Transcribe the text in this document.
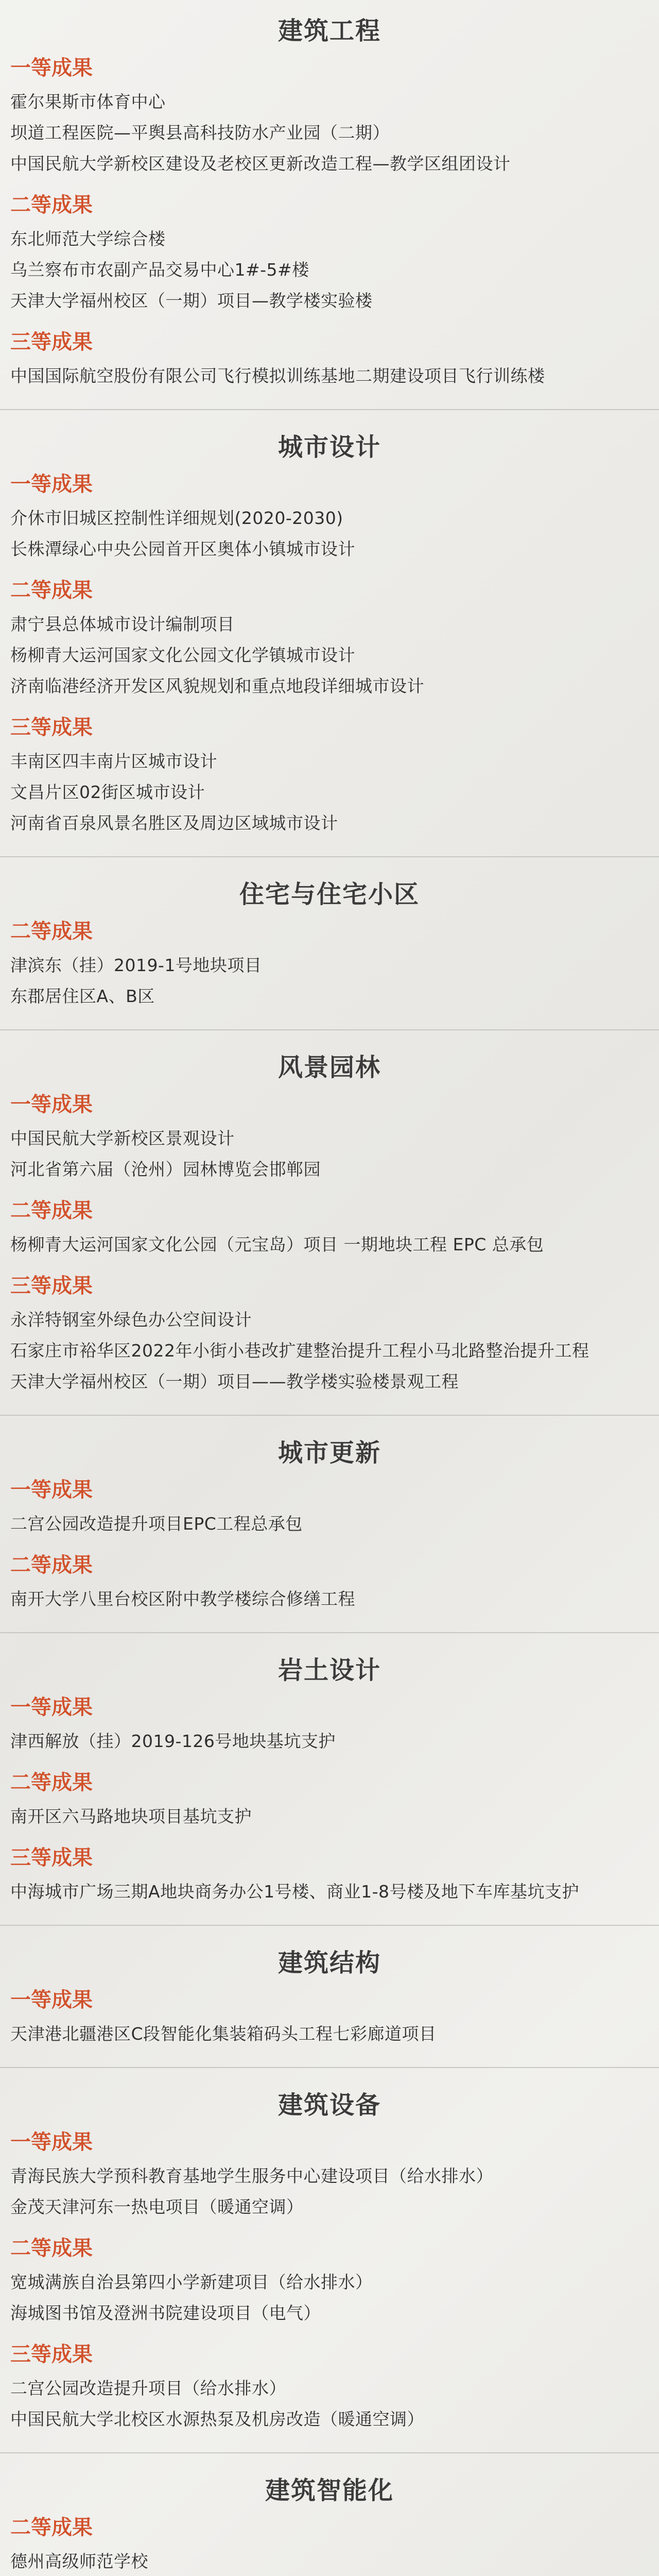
建筑工程
一等成果
霍尔果斯市体育中心
坝道工程医院—平舆县高科技防水产业园（二期）
中国民航大学新校区建设及老校区更新改造工程—教学区组团设计
二等成果
东北师范大学综合楼
乌兰察布市农副产品交易中心1#-5#楼
天津大学福州校区（一期）项目—教学楼实验楼
三等成果
中国国际航空股份有限公司飞行模拟训练基地二期建设项目飞行训练楼
城市设计
一等成果
介休市旧城区控制性详细规划(2020-2030)
长株潭绿心中央公园首开区奥体小镇城市设计
二等成果
肃宁县总体城市设计编制项目
杨柳青大运河国家文化公园文化学镇城市设计
济南临港经济开发区风貌规划和重点地段详细城市设计
三等成果
丰南区四丰南片区城市设计
文昌片区02街区城市设计
河南省百泉风景名胜区及周边区域城市设计
住宅与住宅小区
二等成果
津滨东（挂）2019-1号地块项目
东郡居住区A、B区
风景园林
一等成果
中国民航大学新校区景观设计
河北省第六届（沧州）园林博览会邯郸园
二等成果
杨柳青大运河国家文化公园（元宝岛）项目 一期地块工程 EPC 总承包
三等成果
永洋特钢室外绿色办公空间设计
石家庄市裕华区2022年小街小巷改扩建整治提升工程小马北路整治提升工程
天津大学福州校区（一期）项目——教学楼实验楼景观工程
城市更新
一等成果
二宫公园改造提升项目EPC工程总承包
二等成果
南开大学八里台校区附中教学楼综合修缮工程
岩土设计
一等成果
津西解放（挂）2019-126号地块基坑支护
二等成果
南开区六马路地块项目基坑支护
三等成果
中海城市广场三期A地块商务办公1号楼、商业1-8号楼及地下车库基坑支护
建筑结构
一等成果
天津港北疆港区C段智能化集装箱码头工程七彩廊道项目
建筑设备
一等成果
青海民族大学预科教育基地学生服务中心建设项目（给水排水）
金茂天津河东一热电项目（暖通空调）
二等成果
宽城满族自治县第四小学新建项目（给水排水）
海城图书馆及澄洲书院建设项目（电气）
三等成果
二宫公园改造提升项目（给水排水）
中国民航大学北校区水源热泵及机房改造（暖通空调）
建筑智能化
二等成果
德州高级师范学校
